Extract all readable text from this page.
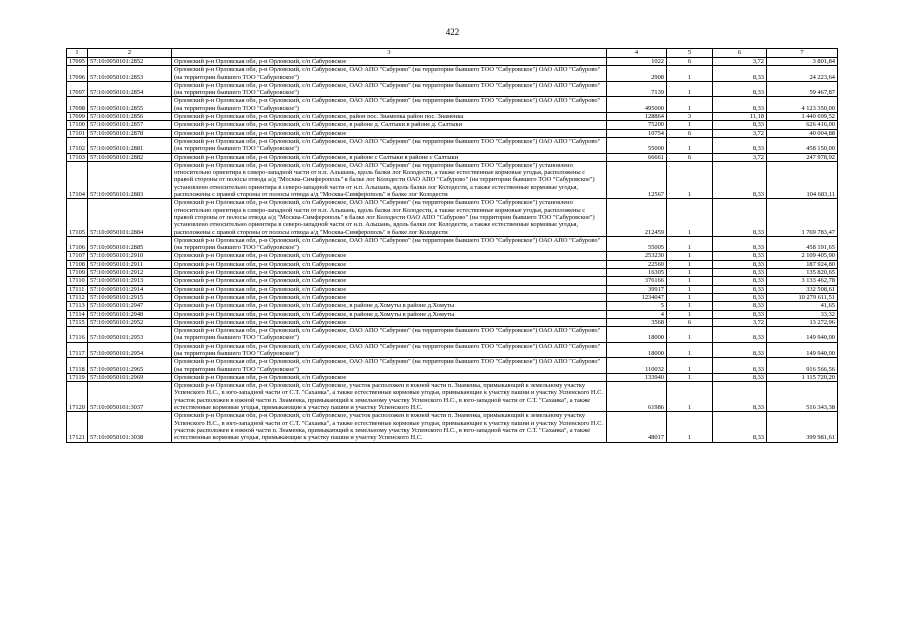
422
1	2	3	4	5	6	7
17095	57:10:0050101:2852	Орловский р-н Орловская обл, р-н Орловский, с/п Сабуровское	1022	6	3,72	3 801,84
17096	57:10:0050101:2853	Орловский р-н Орловская обл, р-н Орловский, с/п Сабуровское, ОАО АПО "Сабурово" (на территории бывшего ТОО "Сабуровское") ОАО АПО "Сабурово" (на территории бывшего ТОО "Сабуровское")	2908	1	8,33	24 223,64
17097	57:10:0050101:2854	Орловский р-н Орловская обл, р-н Орловский, с/п Сабуровское, ОАО АПО "Сабурово" (на территории бывшего ТОО "Сабуровское") ОАО АПО "Сабурово" (на территории бывшего ТОО "Сабуровское")	7139	1	8,33	59 467,87
17098	57:10:0050101:2855	Орловский р-н Орловская обл, р-н Орловский, с/п Сабуровское, ОАО АПО "Сабурово" (на территории бывшего ТОО "Сабуровское") ОАО АПО "Сабурово" (на территории бывшего ТОО "Сабуровское")	495000	1	8,33	4 123 350,00
17099	57:10:0050101:2856	Орловский р-н Орловская обл, р-н Орловский, с/п Сабуровское, район пос. Знаменка район пос. Знаменка	128864	3	11,18	1 440 699,52
17100	57:10:0050101:2857	Орловский р-н Орловская обл, р-н Орловский, с/п Сабуровское, в районе д. Салтыки в районе д. Салтыки	75200	1	8,33	626 416,00
17101	57:10:0050101:2878	Орловский р-н Орловская обл, р-н Орловский, с/п Сабуровское	10754	6	3,72	40 004,88
17102	57:10:0050101:2881	Орловский р-н Орловская обл, р-н Орловский, с/п Сабуровское, ОАО АПО "Сабурово" (на территории бывшего ТОО "Сабуровское") ОАО АПО "Сабурово" (на территории бывшего ТОО "Сабуровское")	55000	1	8,33	458 150,00
17103	57:10:0050101:2882	Орловский р-н Орловская обл, р-н Орловский, с/п Сабуровское, в районе с Салтыки в районе с Салтыки	66661	6	3,72	247 978,92
17104	57:10:0050101:2883	Орловский р-н Орловская обл, р-н Орловский, с/п Сабуровское, ОАО АПО "Сабурово" (на территории бывшего ТОО "Сабуровское") установлено относительно ориентира в северо-западной части от н.п. Альшань, вдоль балки лог Колодести, а также естественные кормовые угодья, расположены с правой стороны от полосы отвода а/д "Москва-Симферополь" в балке лог Колодести ОАО АПО "Сабурово" (на территории бывшего ТОО "Сабуровское") установлено относительно ориентира в северо-западной части от н.п. Альшань, вдоль балки лог Колодести, а также естественные кормовые угодья, расположены с правой стороны от полосы отвода а/д "Москва-Симферополь" в балке лог Колодести	12567	1	8,33	104 683,11
17105	57:10:0050101:2884	Орловский р-н Орловская обл, р-н Орловский, с/п Сабуровское, ОАО АПО "Сабурово" (на территории бывшего ТОО "Сабуровское") установлено относительно ориентира в северо-западной части от н.п. Альшань, вдоль балки лог Колодести, а также естественные кормовые угодья, расположены с правой стороны от полосы отвода а/д "Москва-Симферополь" в балке лог Колодести ОАО АПО "Сабурово" (на территории бывшего ТОО "Сабуровское") установлено относительно ориентира в северо-западной части от н.п. Альшань, вдоль балки лог Колодести, а также естественные кормовые угодья, расположены с правой стороны от полосы отвода а/д "Москва-Симферополь" в балке лог Колодести	212459	1	8,33	1 769 783,47
17106	57:10:0050101:2885	Орловский р-н Орловская обл, р-н Орловский, с/п Сабуровское, ОАО АПО "Сабурово" (на территории бывшего ТОО "Сабуровское") ОАО АПО "Сабурово" (на территории бывшего ТОО "Сабуровское")	55005	1	8,33	458 191,65
17107	57:10:0050101:2910	Орловский р-н Орловская обл, р-н Орловский, с/п Сабуровское	253230	1	8,33	2 109 405,90
17108	57:10:0050101:2911	Орловский р-н Орловская обл, р-н Орловский, с/п Сабуровское	22560	1	8,33	187 924,80
17109	57:10:0050101:2912	Орловский р-н Орловская обл, р-н Орловский, с/п Сабуровское	16305	1	8,33	135 820,65
17110	57:10:0050101:2913	Орловский р-н Орловская обл, р-н Орловский, с/п Сабуровское	376166	1	8,33	3 133 462,78
17111	57:10:0050101:2914	Орловский р-н Орловская обл, р-н Орловский, с/п Сабуровское	39917	1	8,33	332 508,61
17112	57:10:0050101:2915	Орловский р-н Орловская обл, р-н Орловский, с/п Сабуровское	1234047	1	8,33	10 279 611,51
17113	57:10:0050101:2947	Орловский р-н Орловская обл, р-н Орловский, с/п Сабуровское, в районе д.Хомуты в районе д.Хомуты	5	1	8,33	41,65
17114	57:10:0050101:2948	Орловский р-н Орловская обл, р-н Орловский, с/п Сабуровское, в районе д.Хомуты в районе д.Хомуты	4	1	8,33	33,32
17115	57:10:0050101:2952	Орловский р-н Орловская обл, р-н Орловский, с/п Сабуровское	3568	6	3,72	13 272,96
17116	57:10:0050101:2953	Орловский р-н Орловская обл, р-н Орловский, с/п Сабуровское, ОАО АПО "Сабурово" (на территории бывшего ТОО "Сабуровское") ОАО АПО "Сабурово" (на территории бывшего ТОО "Сабуровское")	18000	1	8,33	149 940,00
17117	57:10:0050101:2954	Орловский р-н Орловская обл, р-н Орловский, с/п Сабуровское, ОАО АПО "Сабурово" (на территории бывшего ТОО "Сабуровское") ОАО АПО "Сабурово" (на территории бывшего ТОО "Сабуровское")	18000	1	8,33	149 940,00
17118	57:10:0050101:2965	Орловский р-н Орловская обл, р-н Орловский, с/п Сабуровское, ОАО АПО "Сабурово" (на территории бывшего ТОО "Сабуровское") ОАО АПО "Сабурово" (на территории бывшего ТОО "Сабуровское")	110032	1	8,33	916 566,56
17119	57:10:0050101:2969	Орловский р-н Орловская обл, р-н Орловский, с/п Сабуровское	133940	1	8,33	1 115 720,20
17120	57:10:0050101:3037	Орловский р-н Орловская обл, р-н Орловский, с/п Сабуровское, участок расположен в южной части п. Знаменка, примыкающий к земельному участку Успенского Н.С., в юго-западной части от С.Т. "Сахаика", а также естественные кормовые угодья, примыкающие к участку пашни и участку Успенского Н.С. участок расположен в южной части п. Знаменка, примыкающий к земельному участку Успенского Н.С., в юго-западной части от С.Т. "Сахаика", а также естественные кормовые угодья, примыкающие к участку пашни и участку Успенского Н.С.	61986	1	8,33	516 343,38
17121	57:10:0050101:3038	Орловский р-н Орловская обл, р-н Орловский, с/п Сабуровское, участок расположен в южной части п. Знаменка, примыкающий к земельному участку Успенского Н.С., в юго-западной части от С.Т. "Сахаика", а также естественные кормовые угодья, примыкающие к участку пашни и участку Успенского Н.С. участок расположен в южной части п. Знаменка, примыкающий к земельному участку Успенского Н.С., в юго-западной части от С.Т. "Сахаика", а также естественные кормовые угодья, примыкающие к участку пашни и участку Успенского Н.С.	48017	1	8,33	399 981,61
